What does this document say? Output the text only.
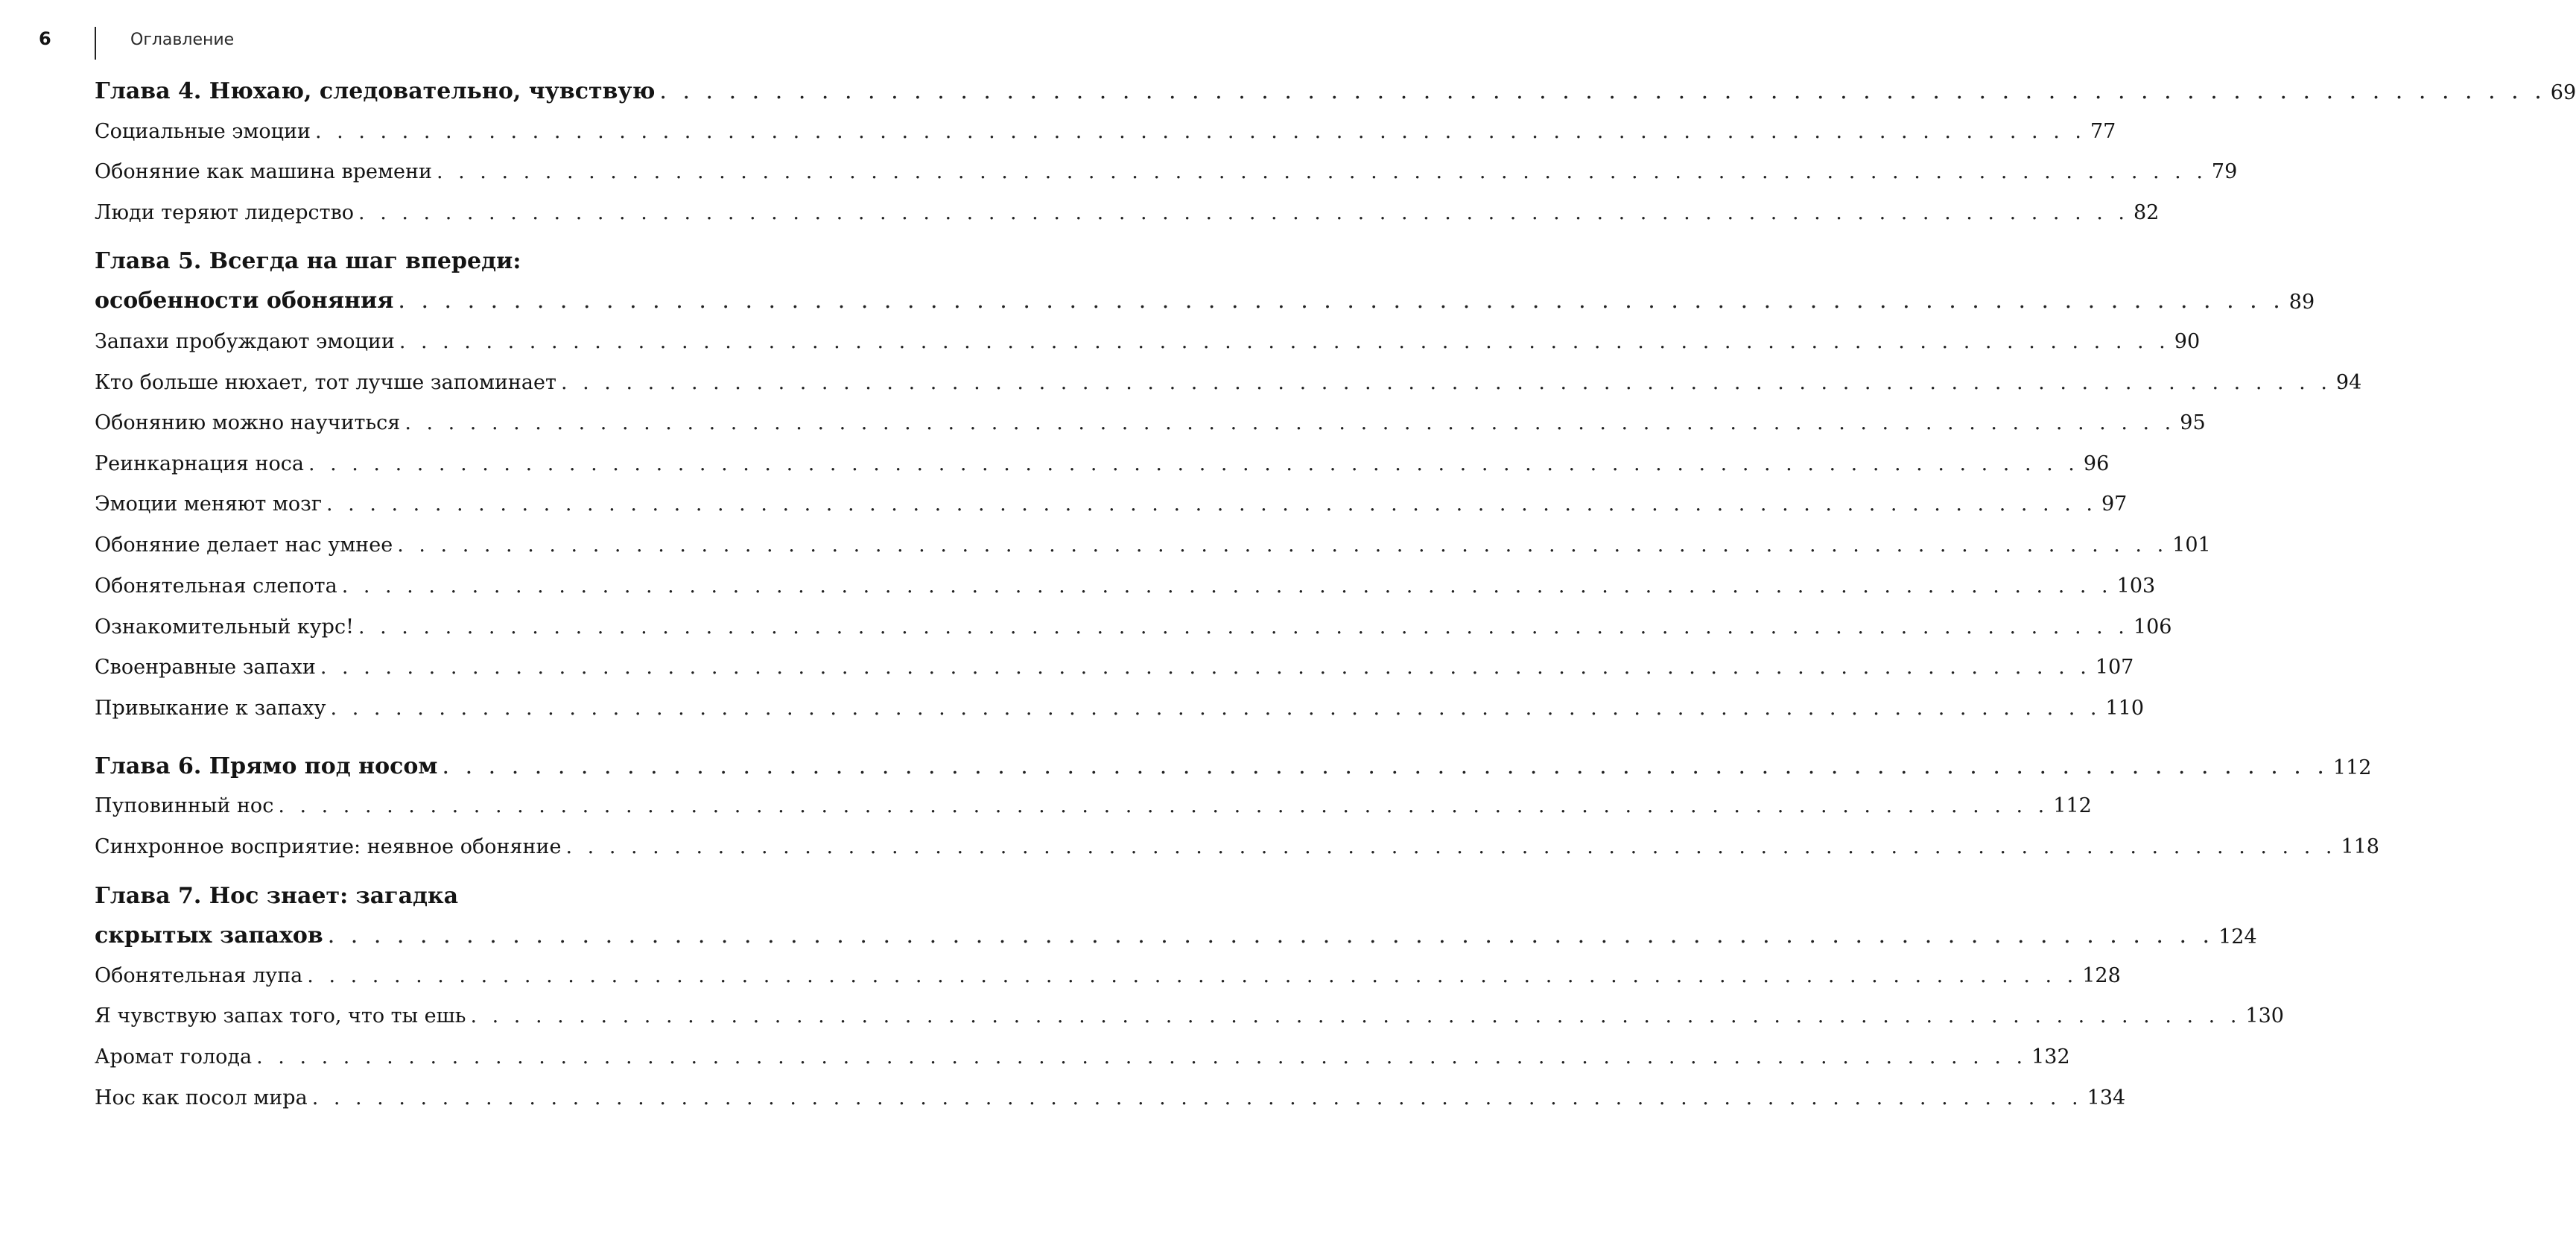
6	Оглавление
Глава 4. Нюхаю, следовательно, чувствую . . . . . . . . . . . . . . . . . . . . . . . . . . . . . . . . . . . . . . . . . . . . . . . . . . . . . . . . . . . . . . . . . . . . . . . . . . . . . . . . . . 69
Социальные эмоции . . . . . . . . . . . . . . . . . . . . . . . . . . . . . . . . . . . . . . . . . . . . . . . . . . . . . . . . . . . . . . . . . . . . . . . . . . . . . . . . . . 77
Обоняние как машина времени . . . . . . . . . . . . . . . . . . . . . . . . . . . . . . . . . . . . . . . . . . . . . . . . . . . . . . . . . . . . . . . . . . . . . . . . . . . . . . . . . . 79
Люди теряют лидерство . . . . . . . . . . . . . . . . . . . . . . . . . . . . . . . . . . . . . . . . . . . . . . . . . . . . . . . . . . . . . . . . . . . . . . . . . . . . . . . . . . 82
Глава 5. Всегда на шаг впереди:
особенности обоняния . . . . . . . . . . . . . . . . . . . . . . . . . . . . . . . . . . . . . . . . . . . . . . . . . . . . . . . . . . . . . . . . . . . . . . . . . . . . . . . . . . 89
Запахи пробуждают эмоции . . . . . . . . . . . . . . . . . . . . . . . . . . . . . . . . . . . . . . . . . . . . . . . . . . . . . . . . . . . . . . . . . . . . . . . . . . . . . . . . . . 90
Кто больше нюхает, тот лучше запоминает . . . . . . . . . . . . . . . . . . . . . . . . . . . . . . . . . . . . . . . . . . . . . . . . . . . . . . . . . . . . . . . . . . . . . . . . . . . . . . . . . . 94
Обонянию можно научиться . . . . . . . . . . . . . . . . . . . . . . . . . . . . . . . . . . . . . . . . . . . . . . . . . . . . . . . . . . . . . . . . . . . . . . . . . . . . . . . . . . 95
Реинкарнация носа . . . . . . . . . . . . . . . . . . . . . . . . . . . . . . . . . . . . . . . . . . . . . . . . . . . . . . . . . . . . . . . . . . . . . . . . . . . . . . . . . . 96
Эмоции меняют мозг . . . . . . . . . . . . . . . . . . . . . . . . . . . . . . . . . . . . . . . . . . . . . . . . . . . . . . . . . . . . . . . . . . . . . . . . . . . . . . . . . . 97
Обоняние делает нас умнее . . . . . . . . . . . . . . . . . . . . . . . . . . . . . . . . . . . . . . . . . . . . . . . . . . . . . . . . . . . . . . . . . . . . . . . . . . . . . . . . . . 101
Обонятельная слепота . . . . . . . . . . . . . . . . . . . . . . . . . . . . . . . . . . . . . . . . . . . . . . . . . . . . . . . . . . . . . . . . . . . . . . . . . . . . . . . . . . 103
Ознакомительный курс! . . . . . . . . . . . . . . . . . . . . . . . . . . . . . . . . . . . . . . . . . . . . . . . . . . . . . . . . . . . . . . . . . . . . . . . . . . . . . . . . . . 106
Своенравные запахи . . . . . . . . . . . . . . . . . . . . . . . . . . . . . . . . . . . . . . . . . . . . . . . . . . . . . . . . . . . . . . . . . . . . . . . . . . . . . . . . . . 107
Привыкание к запаху . . . . . . . . . . . . . . . . . . . . . . . . . . . . . . . . . . . . . . . . . . . . . . . . . . . . . . . . . . . . . . . . . . . . . . . . . . . . . . . . . . 110
Глава 6. Прямо под носом . . . . . . . . . . . . . . . . . . . . . . . . . . . . . . . . . . . . . . . . . . . . . . . . . . . . . . . . . . . . . . . . . . . . . . . . . . . . . . . . . . 112
Пуповинный нос . . . . . . . . . . . . . . . . . . . . . . . . . . . . . . . . . . . . . . . . . . . . . . . . . . . . . . . . . . . . . . . . . . . . . . . . . . . . . . . . . . 112
Синхронное восприятие: неявное обоняние . . . . . . . . . . . . . . . . . . . . . . . . . . . . . . . . . . . . . . . . . . . . . . . . . . . . . . . . . . . . . . . . . . . . . . . . . . . . . . . . . . 118
Глава 7. Нос знает: загадка
скрытых запахов . . . . . . . . . . . . . . . . . . . . . . . . . . . . . . . . . . . . . . . . . . . . . . . . . . . . . . . . . . . . . . . . . . . . . . . . . . . . . . . . . . 124
Обонятельная лупа . . . . . . . . . . . . . . . . . . . . . . . . . . . . . . . . . . . . . . . . . . . . . . . . . . . . . . . . . . . . . . . . . . . . . . . . . . . . . . . . . . 128
Я чувствую запах того, что ты ешь . . . . . . . . . . . . . . . . . . . . . . . . . . . . . . . . . . . . . . . . . . . . . . . . . . . . . . . . . . . . . . . . . . . . . . . . . . . . . . . . . . 130
Аромат голода . . . . . . . . . . . . . . . . . . . . . . . . . . . . . . . . . . . . . . . . . . . . . . . . . . . . . . . . . . . . . . . . . . . . . . . . . . . . . . . . . . 132
Нос как посол мира . . . . . . . . . . . . . . . . . . . . . . . . . . . . . . . . . . . . . . . . . . . . . . . . . . . . . . . . . . . . . . . . . . . . . . . . . . . . . . . . . . 134
